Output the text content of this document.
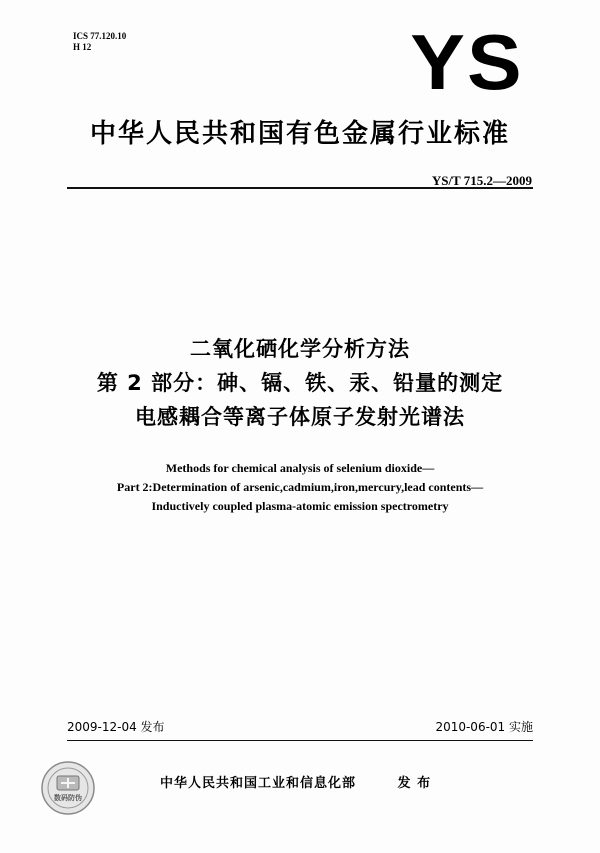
ICS 77.120.10
H 12	YS
中华人民共和国有色金属行业标准
YS/T 715.2—2009
二氧化硒化学分析方法
第 2 部分：砷、镉、铁、汞、铅量的测定
电感耦合等离子体原子发射光谱法
Methods for chemical analysis of selenium dioxide—
Part 2:Determination of arsenic,cadmium,iron,mercury,lead contents—
Inductively coupled plasma-atomic emission spectrometry
2009-12-04 发布	2010-06-01 实施
数码防伪
中华人民共和国工业和信息化部	发 布
